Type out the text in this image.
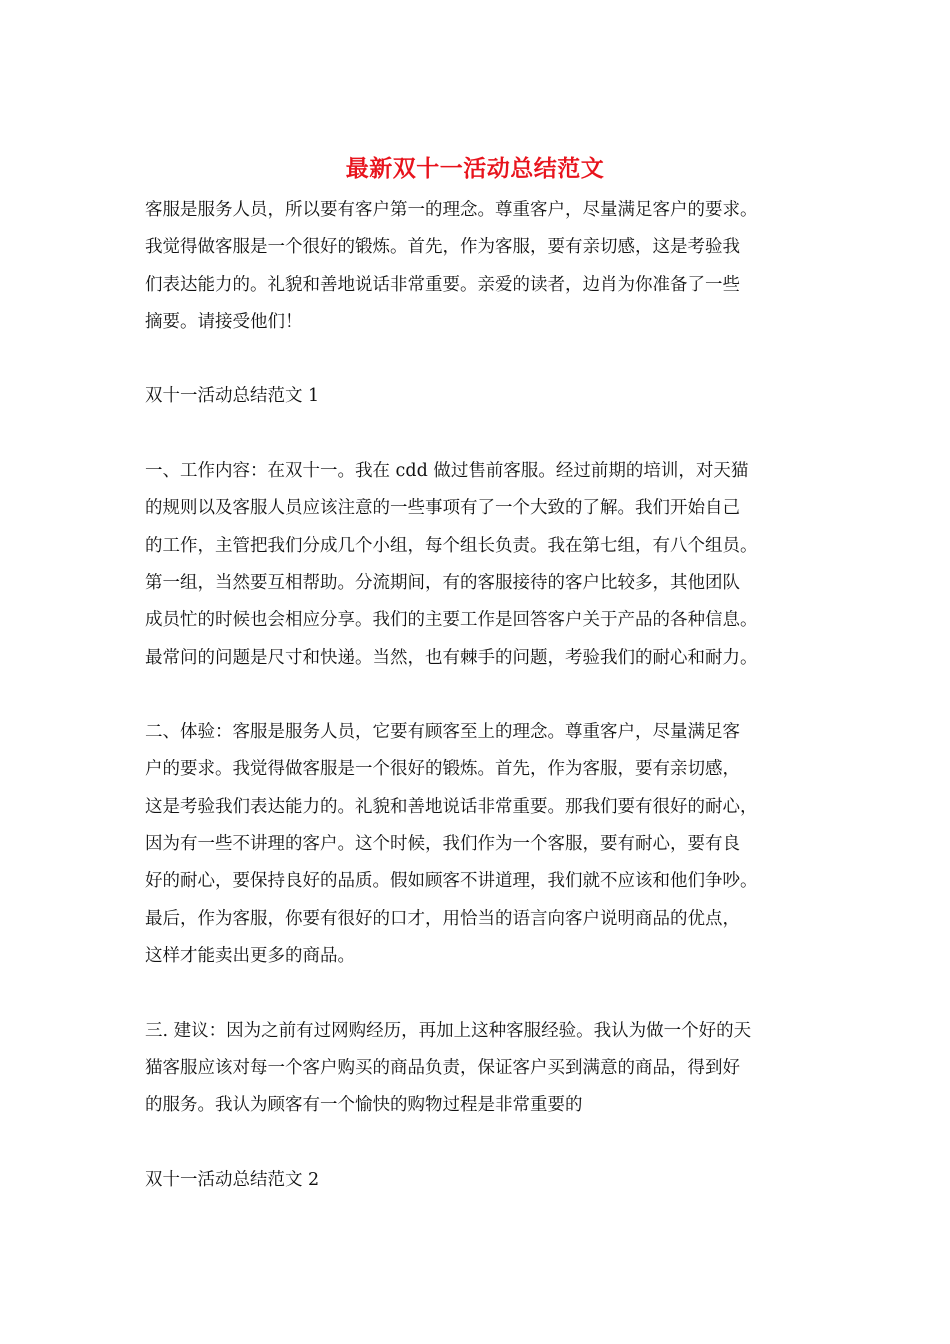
最新双十一活动总结范文

客服是服务人员，所以要有客户第一的理念。尊重客户，尽量满足客户的要求。
我觉得做客服是一个很好的锻炼。首先，作为客服，要有亲切感，这是考验我
们表达能力的。礼貌和善地说话非常重要。亲爱的读者，边肖为你准备了一些
摘要。请接受他们！

双十一活动总结范文 1

一、工作内容：在双十一。我在 cdd 做过售前客服。经过前期的培训，对天猫
的规则以及客服人员应该注意的一些事项有了一个大致的了解。我们开始自己
的工作，主管把我们分成几个小组，每个组长负责。我在第七组，有八个组员。
第一组，当然要互相帮助。分流期间，有的客服接待的客户比较多，其他团队
成员忙的时候也会相应分享。我们的主要工作是回答客户关于产品的各种信息。
最常问的问题是尺寸和快递。当然，也有棘手的问题，考验我们的耐心和耐力。

二、体验：客服是服务人员，它要有顾客至上的理念。尊重客户，尽量满足客
户的要求。我觉得做客服是一个很好的锻炼。首先，作为客服，要有亲切感，
这是考验我们表达能力的。礼貌和善地说话非常重要。那我们要有很好的耐心，
因为有一些不讲理的客户。这个时候，我们作为一个客服，要有耐心，要有良
好的耐心，要保持良好的品质。假如顾客不讲道理，我们就不应该和他们争吵。
最后，作为客服，你要有很好的口才，用恰当的语言向客户说明商品的优点，
这样才能卖出更多的商品。

三. 建议：因为之前有过网购经历，再加上这种客服经验。我认为做一个好的天
猫客服应该对每一个客户购买的商品负责，保证客户买到满意的商品，得到好
的服务。我认为顾客有一个愉快的购物过程是非常重要的

双十一活动总结范文 2
